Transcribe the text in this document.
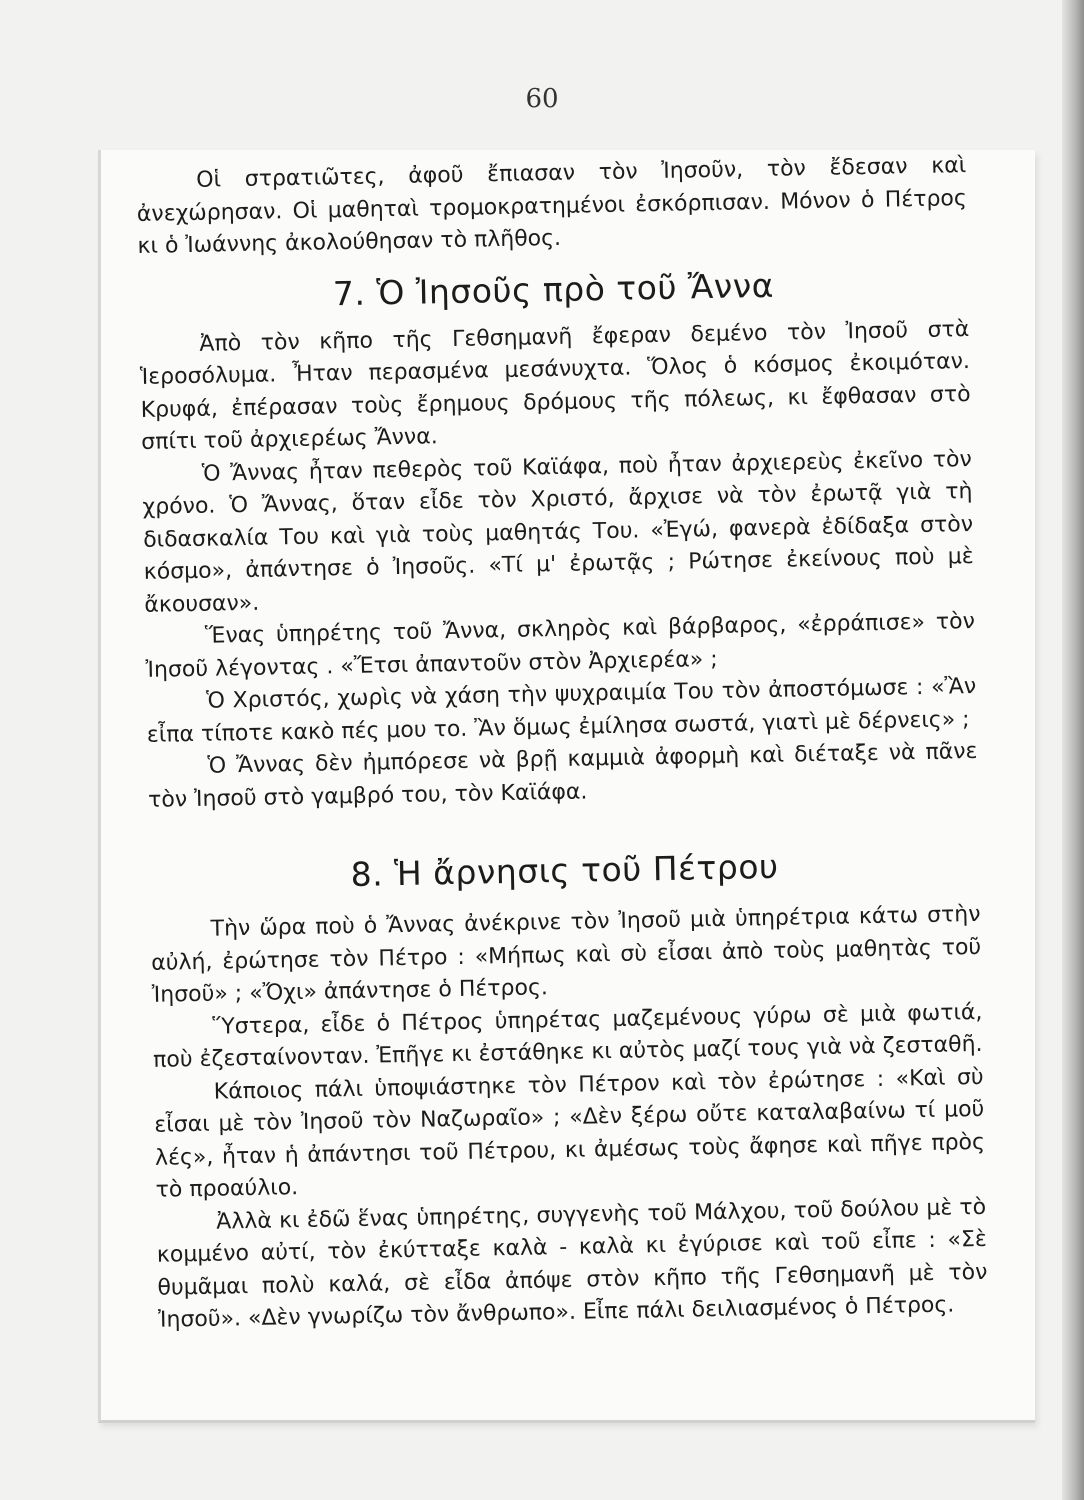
60

Οἱ στρατιῶτες, ἀφοῦ ἔπιασαν τὸν Ἰησοῦν, τὸν ἔδεσαν καὶ ἀνεχώρησαν. Οἱ μαθηταὶ τρομοκρατημένοι ἐσκόρπισαν. Μόνον ὁ Πέτρος κι ὁ Ἰωάννης ἀκολούθησαν τὸ πλῆθος.

7. Ὁ Ἰησοῦς πρὸ τοῦ Ἄννα

Ἀπὸ τὸν κῆπο τῆς Γεθσημανῆ ἔφεραν δεμένο τὸν Ἰησοῦ στὰ Ἱεροσόλυμα. Ἦταν περασμένα μεσάνυχτα. Ὅλος ὁ κόσμος ἐκοιμόταν. Κρυφά, ἐπέρασαν τοὺς ἔρημους δρόμους τῆς πόλεως, κι ἔφθασαν στὸ σπίτι τοῦ ἀρχιερέως Ἄννα.

Ὁ Ἄννας ἦταν πεθερὸς τοῦ Καϊάφα, ποὺ ἦταν ἀρχιερεὺς ἐκεῖνο τὸν χρόνο. Ὁ Ἄννας, ὅταν εἶδε τὸν Χριστό, ἄρχισε νὰ τὸν ἐρωτᾷ γιὰ τὴ διδασκαλία Του καὶ γιὰ τοὺς μαθητάς Του. «Ἐγώ, φανερὰ ἐδίδαξα στὸν κόσμο», ἀπάντησε ὁ Ἰησοῦς. «Τί μ' ἐρωτᾷς ; Ρώτησε ἐκείνους ποὺ μὲ ἄκουσαν».

Ἕνας ὑπηρέτης τοῦ Ἄννα, σκληρὸς καὶ βάρβαρος, «ἐρράπισε» τὸν Ἰησοῦ λέγοντας . «Ἔτσι ἀπαντοῦν στὸν Ἀρχιερέα» ;

Ὁ Χριστός, χωρὶς νὰ χάση τὴν ψυχραιμία Του τὸν ἀποστόμωσε : «Ἂν εἶπα τίποτε κακὸ πές μου το. Ἂν ὅμως ἐμίλησα σωστά, γιατὶ μὲ δέρνεις» ;

Ὁ Ἄννας δὲν ἠμπόρεσε νὰ βρῇ καμμιὰ ἀφορμὴ καὶ διέταξε νὰ πᾶνε τὸν Ἰησοῦ στὸ γαμβρό του, τὸν Καϊάφα.

8. Ἡ ἄρνησις τοῦ Πέτρου

Τὴν ὥρα ποὺ ὁ Ἄννας ἀνέκρινε τὸν Ἰησοῦ μιὰ ὑπηρέτρια κάτω στὴν αὐλή, ἐρώτησε τὸν Πέτρο : «Μήπως καὶ σὺ εἶσαι ἀπὸ τοὺς μαθητὰς τοῦ Ἰησοῦ» ; «Ὄχι» ἀπάντησε ὁ Πέτρος.

Ὕστερα, εἶδε ὁ Πέτρος ὑπηρέτας μαζεμένους γύρω σὲ μιὰ φωτιά, ποὺ ἐζεσταίνονταν. Ἐπῆγε κι ἐστάθηκε κι αὐτὸς μαζί τους γιὰ νὰ ζεσταθῆ.

Κάποιος πάλι ὑποψιάστηκε τὸν Πέτρον καὶ τὸν ἐρώτησε : «Καὶ σὺ εἶσαι μὲ τὸν Ἰησοῦ τὸν Ναζωραῖο» ; «Δὲν ξέρω οὔτε καταλαβαίνω τί μοῦ λές», ἦταν ἡ ἀπάντησι τοῦ Πέτρου, κι ἀμέσως τοὺς ἄφησε καὶ πῆγε πρὸς τὸ προαύλιο.

Ἀλλὰ κι ἐδῶ ἕνας ὑπηρέτης, συγγενὴς τοῦ Μάλχου, τοῦ δούλου μὲ τὸ κομμένο αὐτί, τὸν ἐκύτταξε καλὰ - καλὰ κι ἐγύρισε καὶ τοῦ εἶπε : «Σὲ θυμᾶμαι πολὺ καλά, σὲ εἶδα ἀπόψε στὸν κῆπο τῆς Γεθσημανῆ μὲ τὸν Ἰησοῦ». «Δὲν γνωρίζω τὸν ἄνθρωπο». Εἶπε πάλι δειλιασμένος ὁ Πέτρος.
